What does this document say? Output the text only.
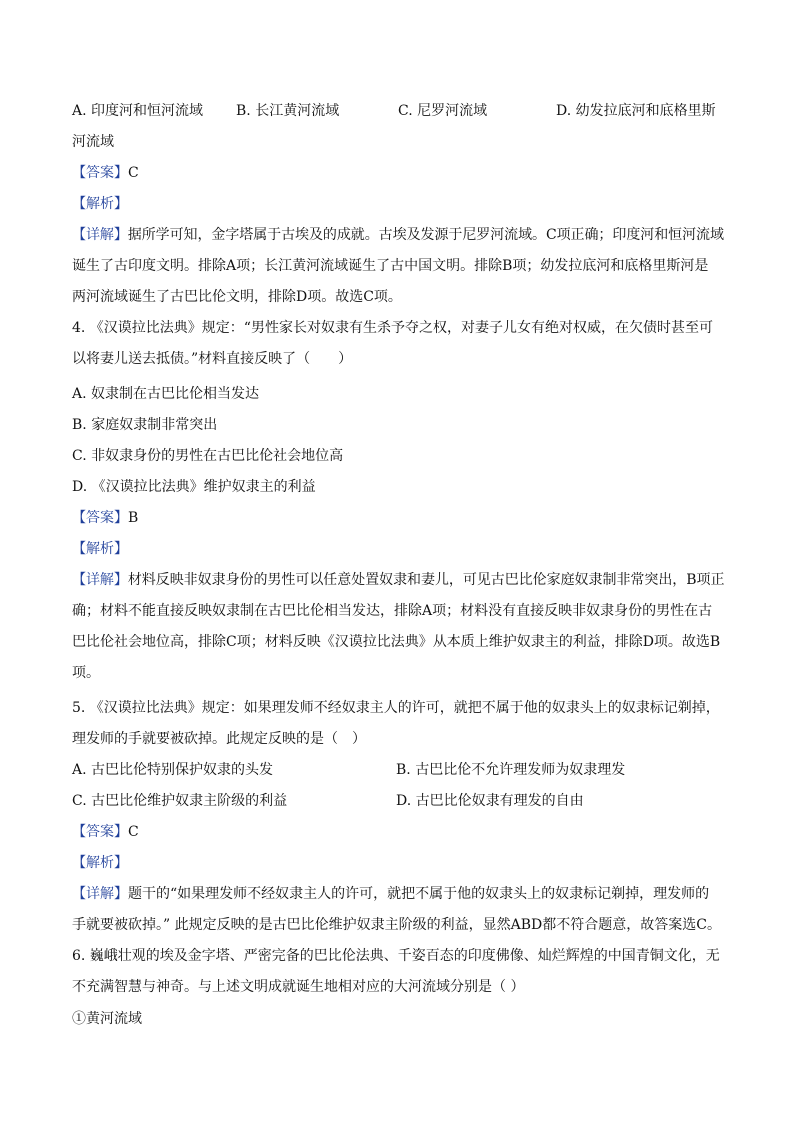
A. 印度河和恒河流域 B. 长江黄河流域	C. 尼罗河流域	D. 幼发拉底河和底格里斯
河流域
【答案】C
【解析】
【详解】据所学可知，金字塔属于古埃及的成就。古埃及发源于尼罗河流域。C项正确；印度河和恒河流域
诞生了古印度文明。排除A项；长江黄河流域诞生了古中国文明。排除B项；幼发拉底河和底格里斯河是
两河流域诞生了古巴比伦文明，排除D项。故选C项。
4. 《汉谟拉比法典》规定：“男性家长对奴隶有生杀予夺之权，对妻子儿女有绝对权威，在欠债时甚至可
以将妻儿送去抵债。”材料直接反映了（　　）
A. 奴隶制在古巴比伦相当发达
B. 家庭奴隶制非常突出
C. 非奴隶身份的男性在古巴比伦社会地位高
D. 《汉谟拉比法典》维护奴隶主的利益
【答案】B
【解析】
【详解】材料反映非奴隶身份的男性可以任意处置奴隶和妻儿，可见古巴比伦家庭奴隶制非常突出，B项正
确；材料不能直接反映奴隶制在古巴比伦相当发达，排除A项；材料没有直接反映非奴隶身份的男性在古
巴比伦社会地位高，排除C项；材料反映《汉谟拉比法典》从本质上维护奴隶主的利益，排除D项。故选B
项。
5. 《汉谟拉比法典》规定：如果理发师不经奴隶主人的许可，就把不属于他的奴隶头上的奴隶标记剃掉，
理发师的手就要被砍掉。此规定反映的是（　）
A. 古巴比伦特别保护奴隶的头发	B. 古巴比伦不允许理发师为奴隶理发
C. 古巴比伦维护奴隶主阶级的利益	D. 古巴比伦奴隶有理发的自由
【答案】C
【解析】
【详解】题干的“如果理发师不经奴隶主人的许可，就把不属于他的奴隶头上的奴隶标记剃掉，理发师的
手就要被砍掉。” 此规定反映的是古巴比伦维护奴隶主阶级的利益，显然ABD都不符合题意，故答案选C。
6. 巍峨壮观的埃及金字塔、严密完备的巴比伦法典、千姿百态的印度佛像、灿烂辉煌的中国青铜文化，无
不充满智慧与神奇。与上述文明成就诞生地相对应的大河流域分别是（ ）
①黄河流域
